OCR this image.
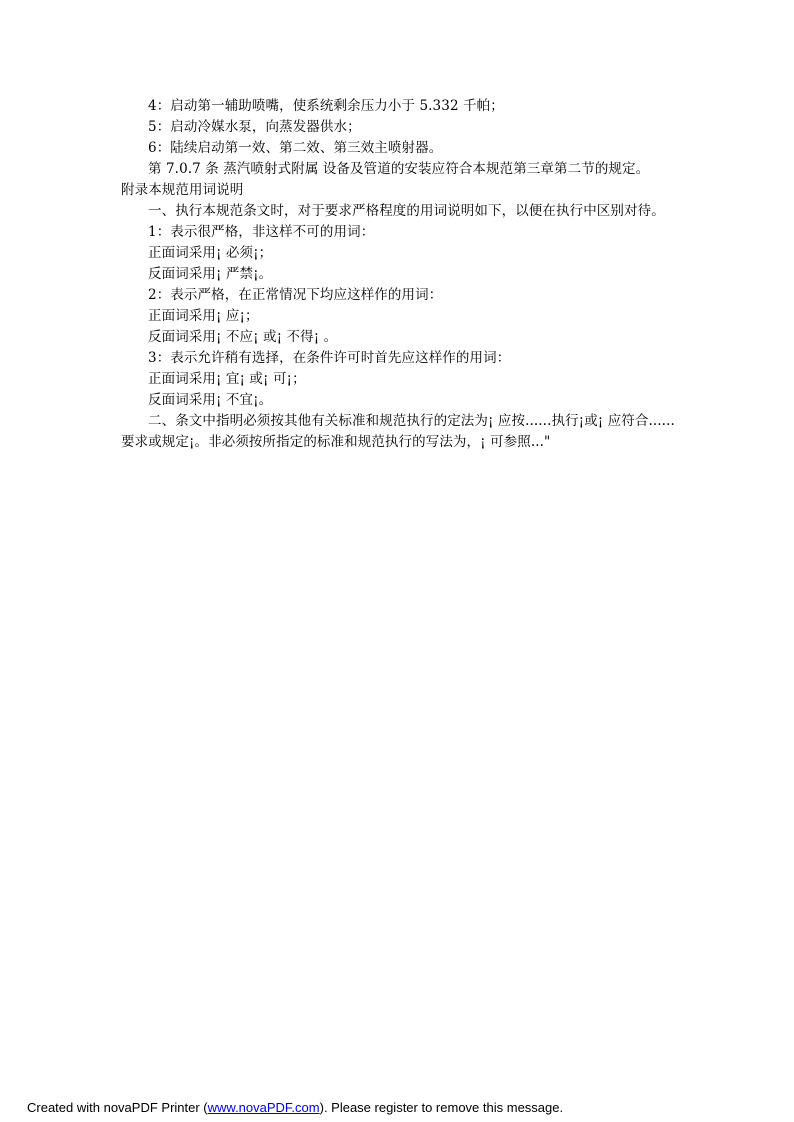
4：启动第一辅助喷嘴，使系统剩余压力小于 5.332 千帕；
5：启动冷媒水泵，向蒸发器供水；
6：陆续启动第一效、第二效、第三效主喷射器。
第 7.0.7 条 蒸汽喷射式附属 设备及管道的安装应符合本规范第三章第二节的规定。
附录本规范用词说明
一、执行本规范条文时，对于要求严格程度的用词说明如下，以便在执行中区别对待。
1：表示很严格，非这样不可的用词：
正面词采用¡ 必须¡；
反面词采用¡ 严禁¡。
2：表示严格，在正常情况下均应这样作的用词：
正面词采用¡ 应¡；
反面词采用¡ 不应¡ 或¡ 不得¡ 。
3：表示允许稍有选择，在条件许可时首先应这样作的用词：
正面词采用¡ 宜¡ 或¡ 可¡；
反面词采用¡ 不宜¡。
二、条文中指明必须按其他有关标准和规范执行的定法为¡ 应按......执行¡或¡ 应符合......
要求或规定¡。非必须按所指定的标准和规范执行的写法为，¡ 可参照..."
Created with novaPDF Printer (www.novaPDF.com). Please register to remove this message.
